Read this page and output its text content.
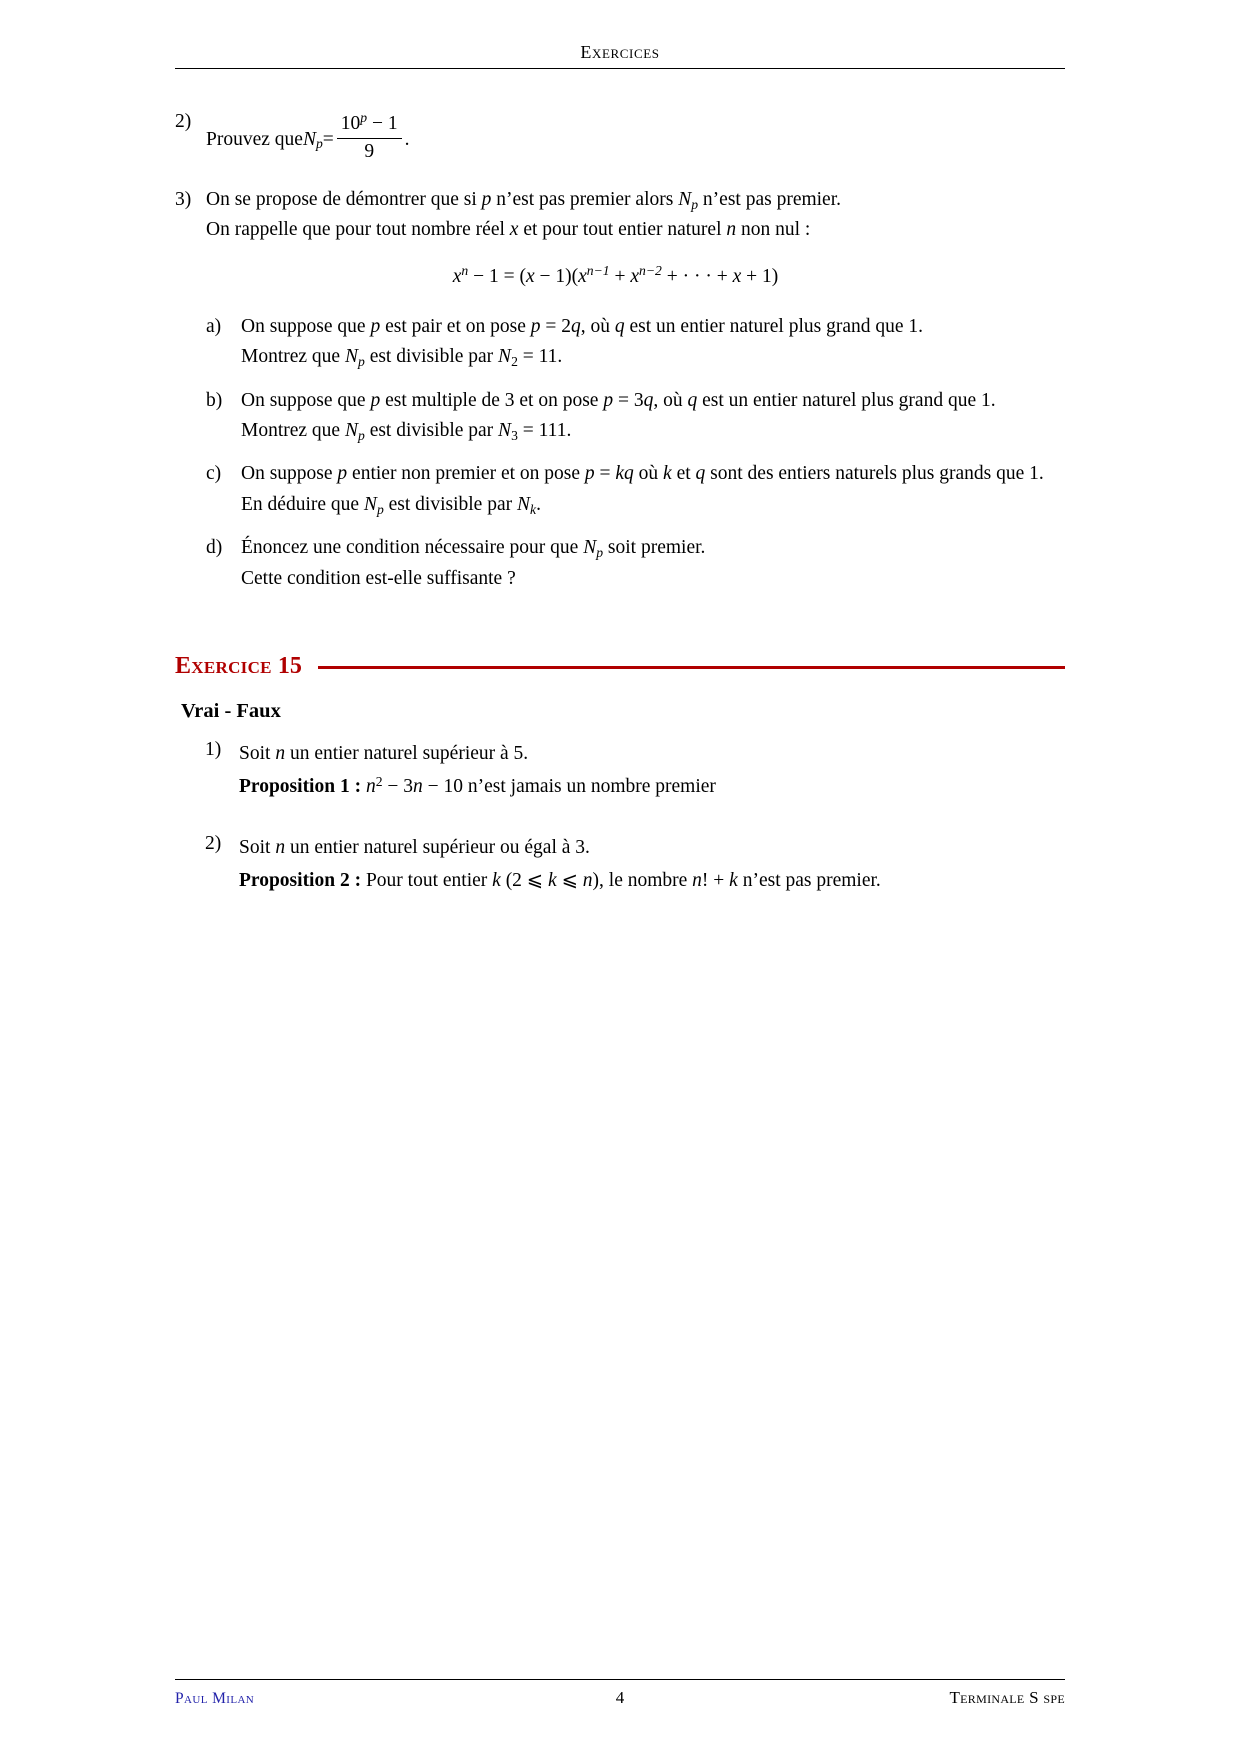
Exercices
2)

Prouvez que N $p = \frac{10^p - 1}{9}$ .

3) On se propose de démontrer que si p n’est pas premier alors $N_p$ n’est pas premier.

On rappelle que pour tout nombre réel x et pour tout entier naturel n non nul :

$x^n - 1 = (x - 1)(x^{n-1} + x^{n-2}$ + · · · + x + 1)
a)	On suppose que p est pair et on pose p = 2q, où q est un entier naturel plus grand que 1.

Montrez que $N_p$ est divisible par $N_2 = 11$.

b) On suppose que p est multiple de 3 et on pose p = 3q, où q est un entier naturel plus grand que 1.

Montrez que $N_p$ est divisible par $N_3 = 111$.

c)	On suppose p entier non premier et on pose p = kq où k et q sont des entiers naturels plus grands que 1.

En déduire que $N_p$ est divisible par $N_k$.

d) Énoncez une condition nécessaire pour que $N_p$ soit premier.

Cette condition est-elle suffisante ?

Exercice 15
Vrai - Faux
1) Soit n un entier naturel supérieur à 5.

Proposition 1 : $n^2 - 3n - 10$ n’est jamais un nombre premier

2) Soit n un entier naturel supérieur ou égal à 3.

Proposition 2 : Pour tout entier k (2 ⩽ k ⩽ n), le nombre n! + k n’est pas premier.

Paul Milan	4	Terminale S spe
